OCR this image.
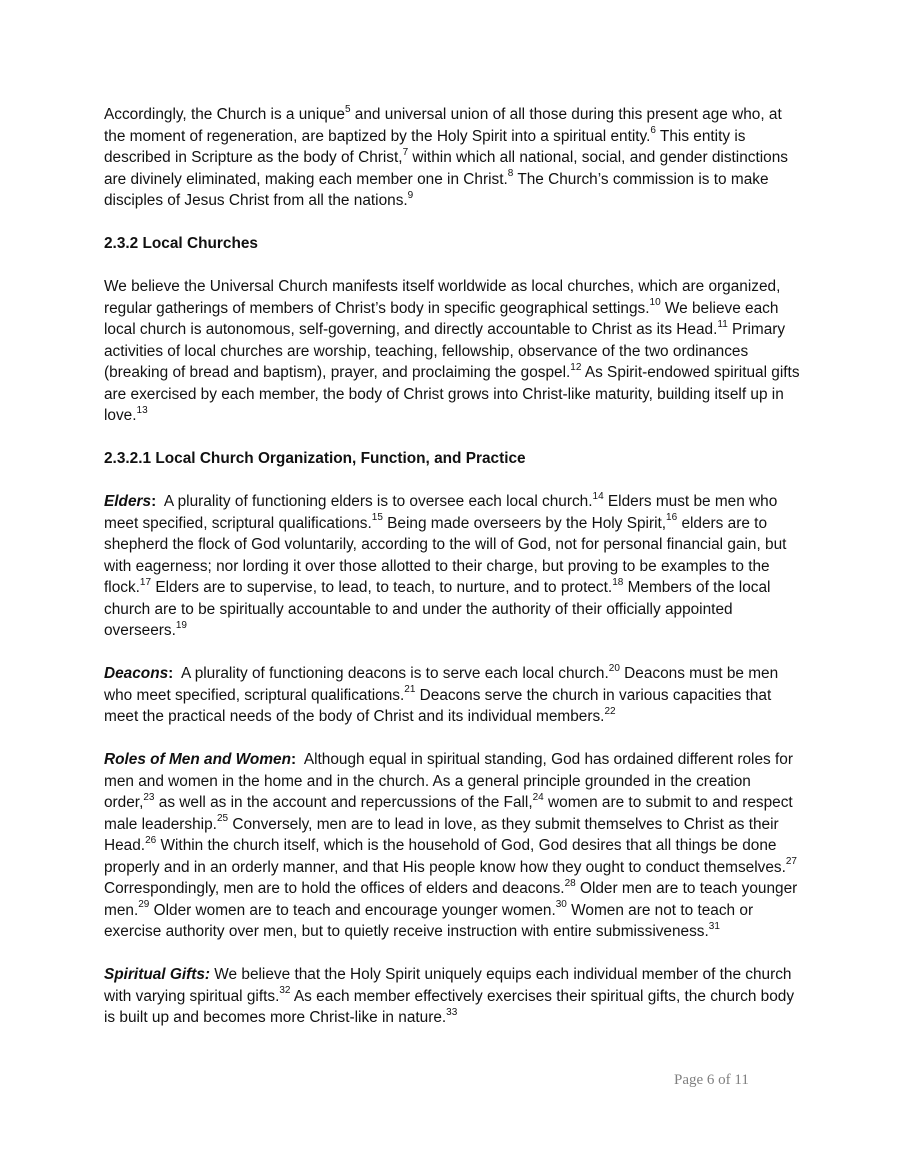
Accordingly, the Church is a unique$^5$ and universal union of all those during this present age who, at the moment of regeneration, are baptized by the Holy Spirit into a spiritual entity.$^6$ This entity is described in Scripture as the body of Christ,$^7$ within which all national, social, and gender distinctions are divinely eliminated, making each member one in Christ.$^8$ The Church’s commission is to make disciples of Jesus Christ from all the nations.$^9$

2.3.2 Local Churches

We believe the Universal Church manifests itself worldwide as local churches, which are organized, regular gatherings of members of Christ’s body in specific geographical settings.$^{10}$ We believe each local church is autonomous, self-governing, and directly accountable to Christ as its Head.$^{11}$ Primary activities of local churches are worship, teaching, fellowship, observance of the two ordinances (breaking of bread and baptism), prayer, and proclaiming the gospel.$^{12}$ As Spirit-endowed spiritual gifts are exercised by each member, the body of Christ grows into Christ-like maturity, building itself up in love.$^{13}$

2.3.2.1 Local Church Organization, Function, and Practice

Elders:  A plurality of functioning elders is to oversee each local church.$^{14}$ Elders must be men who meet specified, scriptural qualifications.$^{15}$ Being made overseers by the Holy Spirit,$^{16}$ elders are to shepherd the flock of God voluntarily, according to the will of God, not for personal financial gain, but with eagerness; nor lording it over those allotted to their charge, but proving to be examples to the flock.$^{17}$ Elders are to supervise, to lead, to teach, to nurture, and to protect.$^{18}$ Members of the local church are to be spiritually accountable to and under the authority of their officially appointed overseers.$^{19}$

Deacons:  A plurality of functioning deacons is to serve each local church.$^{20}$ Deacons must be men who meet specified, scriptural qualifications.$^{21}$ Deacons serve the church in various capacities that meet the practical needs of the body of Christ and its individual members.$^{22}$

Roles of Men and Women:  Although equal in spiritual standing, God has ordained different roles for men and women in the home and in the church. As a general principle grounded in the creation order,$^{23}$ as well as in the account and repercussions of the Fall,$^{24}$ women are to submit to and respect male leadership.$^{25}$ Conversely, men are to lead in love, as they submit themselves to Christ as their Head.$^{26}$ Within the church itself, which is the household of God, God desires that all things be done properly and in an orderly manner, and that His people know how they ought to conduct themselves.$^{27}$ Correspondingly, men are to hold the offices of elders and deacons.$^{28}$ Older men are to teach younger men.$^{29}$ Older women are to teach and encourage younger women.$^{30}$ Women are not to teach or exercise authority over men, but to quietly receive instruction with entire submissiveness.$^{31}$

Spiritual Gifts: We believe that the Holy Spirit uniquely equips each individual member of the church with varying spiritual gifts.$^{32}$ As each member effectively exercises their spiritual gifts, the church body is built up and becomes more Christ-like in nature.$^{33}$

Page 6 of 11
